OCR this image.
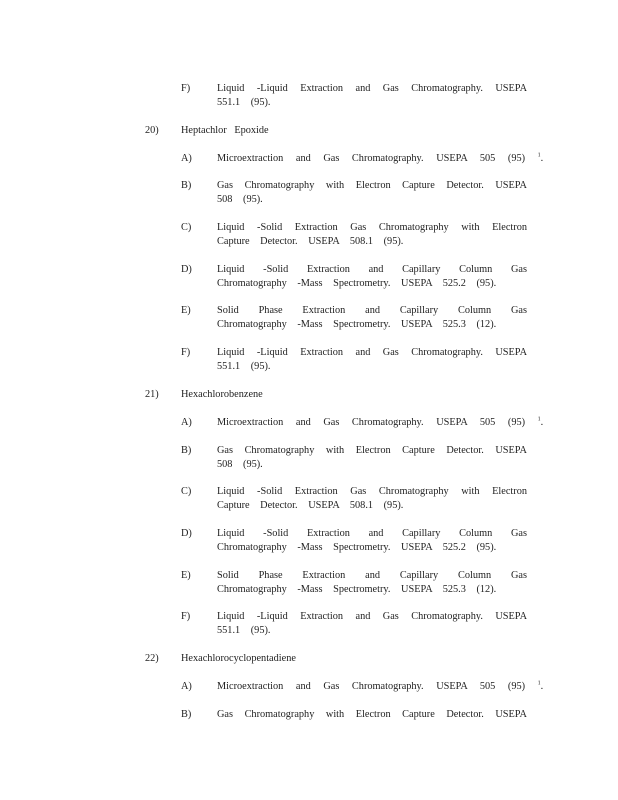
F)	Liquid -Liquid Extraction and Gas Chromatography. USEPA
551.1 (95).
20) Heptachlor Epoxide
A) Microextraction and Gas Chromatography. USEPA 505 (95) $^1$.
B) Gas Chromatography with Electron Capture Detector. USEPA
508 (95).
C) Liquid -Solid Extraction Gas Chromatography with Electron
Capture Detector. USEPA 508.1 (95).
D) Liquid -Solid Extraction and Capillary Column Gas
Chromatography -Mass Spectrometry. USEPA 525.2 (95).
E)	Solid Phase Extraction and Capillary Column Gas
Chromatography -Mass Spectrometry. USEPA 525.3 (12).
F)	Liquid -Liquid Extraction and Gas Chromatography. USEPA
551.1 (95).
21) Hexachlorobenzene
A) Microextraction and Gas Chromatography. USEPA 505 (95) $^1$.
B) Gas Chromatography with Electron Capture Detector. USEPA
508 (95).
C) Liquid -Solid Extraction Gas Chromatography with Electron
Capture Detector. USEPA 508.1 (95).
D) Liquid -Solid Extraction and Capillary Column Gas
Chromatography -Mass Spectrometry. USEPA 525.2 (95).
E)	Solid Phase Extraction and Capillary Column Gas
Chromatography -Mass Spectrometry. USEPA 525.3 (12).
F)	Liquid -Liquid Extraction and Gas Chromatography. USEPA
551.1 (95).
22) Hexachlorocyclopentadiene
A) Microextraction and Gas Chromatography. USEPA 505 (95) $^1$.
B) Gas Chromatography with Electron Capture Detector. USEPA
